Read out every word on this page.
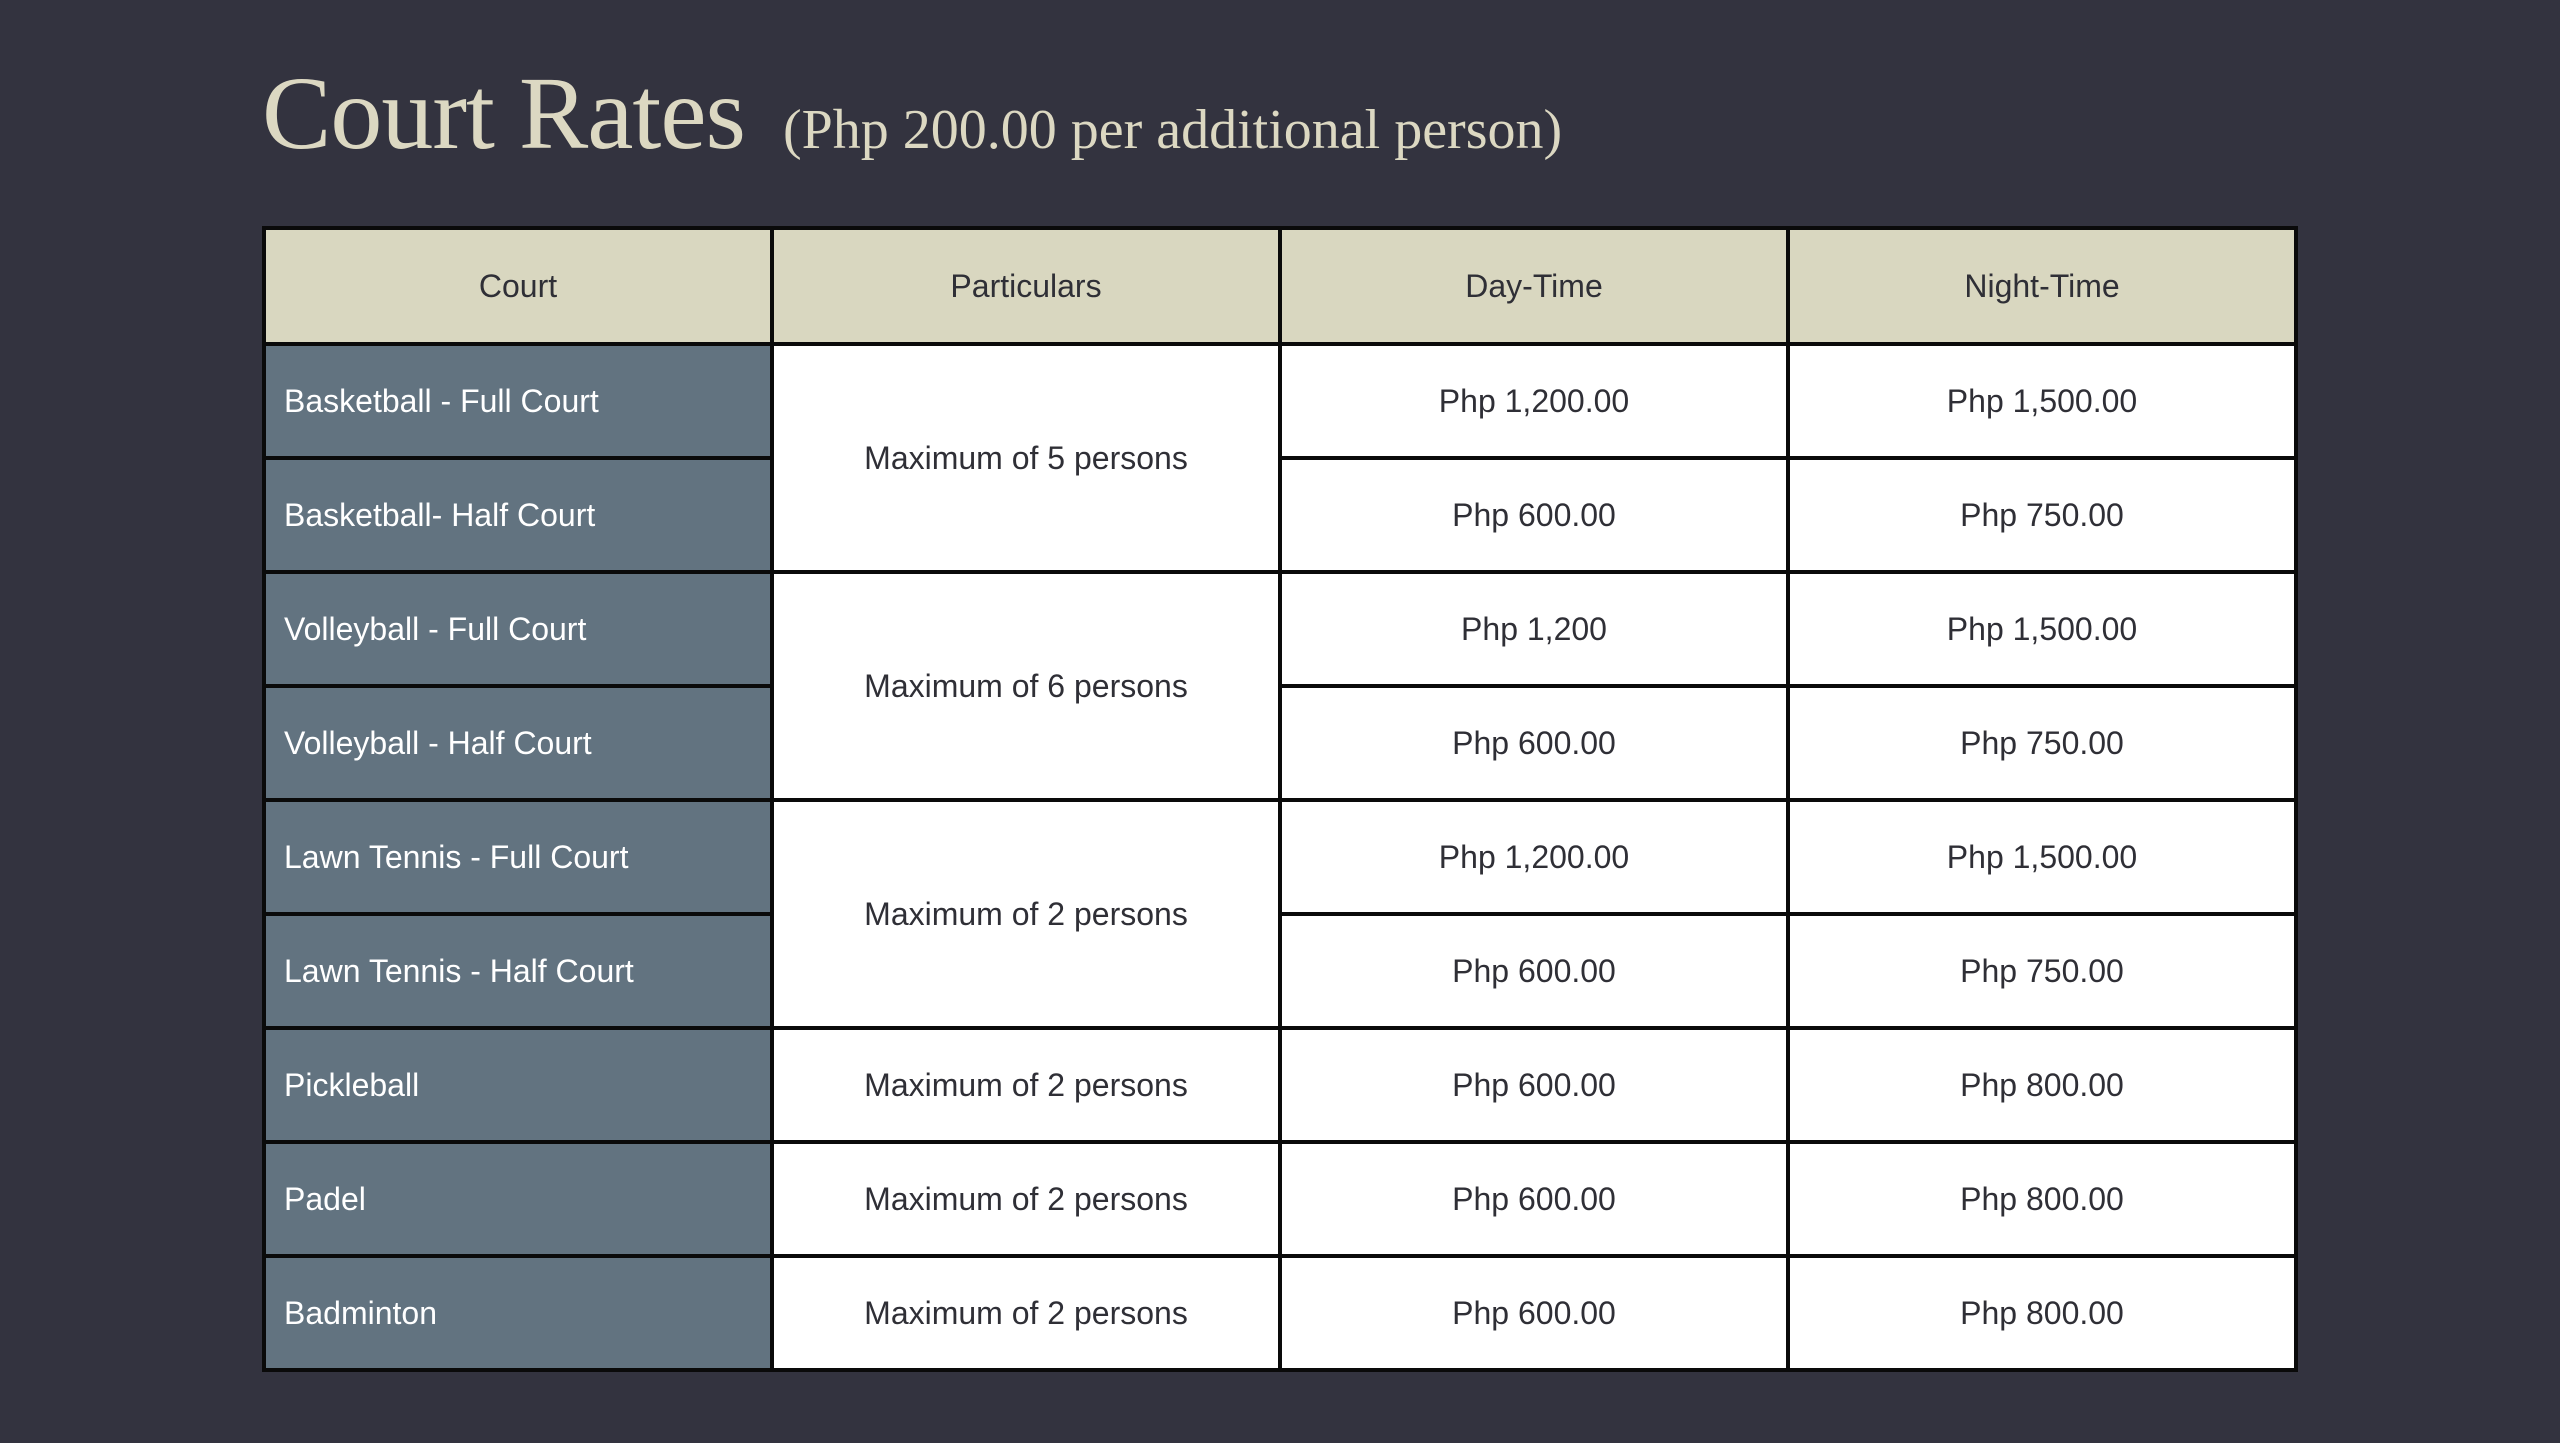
Court Rates (Php 200.00 per additional person)
Court	Particulars	Day-Time	Night-Time
Basketball - Full Court	Maximum of 5 persons	Php 1,200.00	Php 1,500.00
Basketball- Half Court		Php 600.00	Php 750.00
Volleyball - Full Court	Maximum of 6 persons	Php 1,200	Php 1,500.00
Volleyball - Half Court		Php 600.00	Php 750.00
Lawn Tennis - Full Court	Maximum of 2 persons	Php 1,200.00	Php 1,500.00
Lawn Tennis - Half Court		Php 600.00	Php 750.00
Pickleball	Maximum of 2 persons	Php 600.00	Php 800.00
Padel	Maximum of 2 persons	Php 600.00	Php 800.00
Badminton	Maximum of 2 persons	Php 600.00	Php 800.00
